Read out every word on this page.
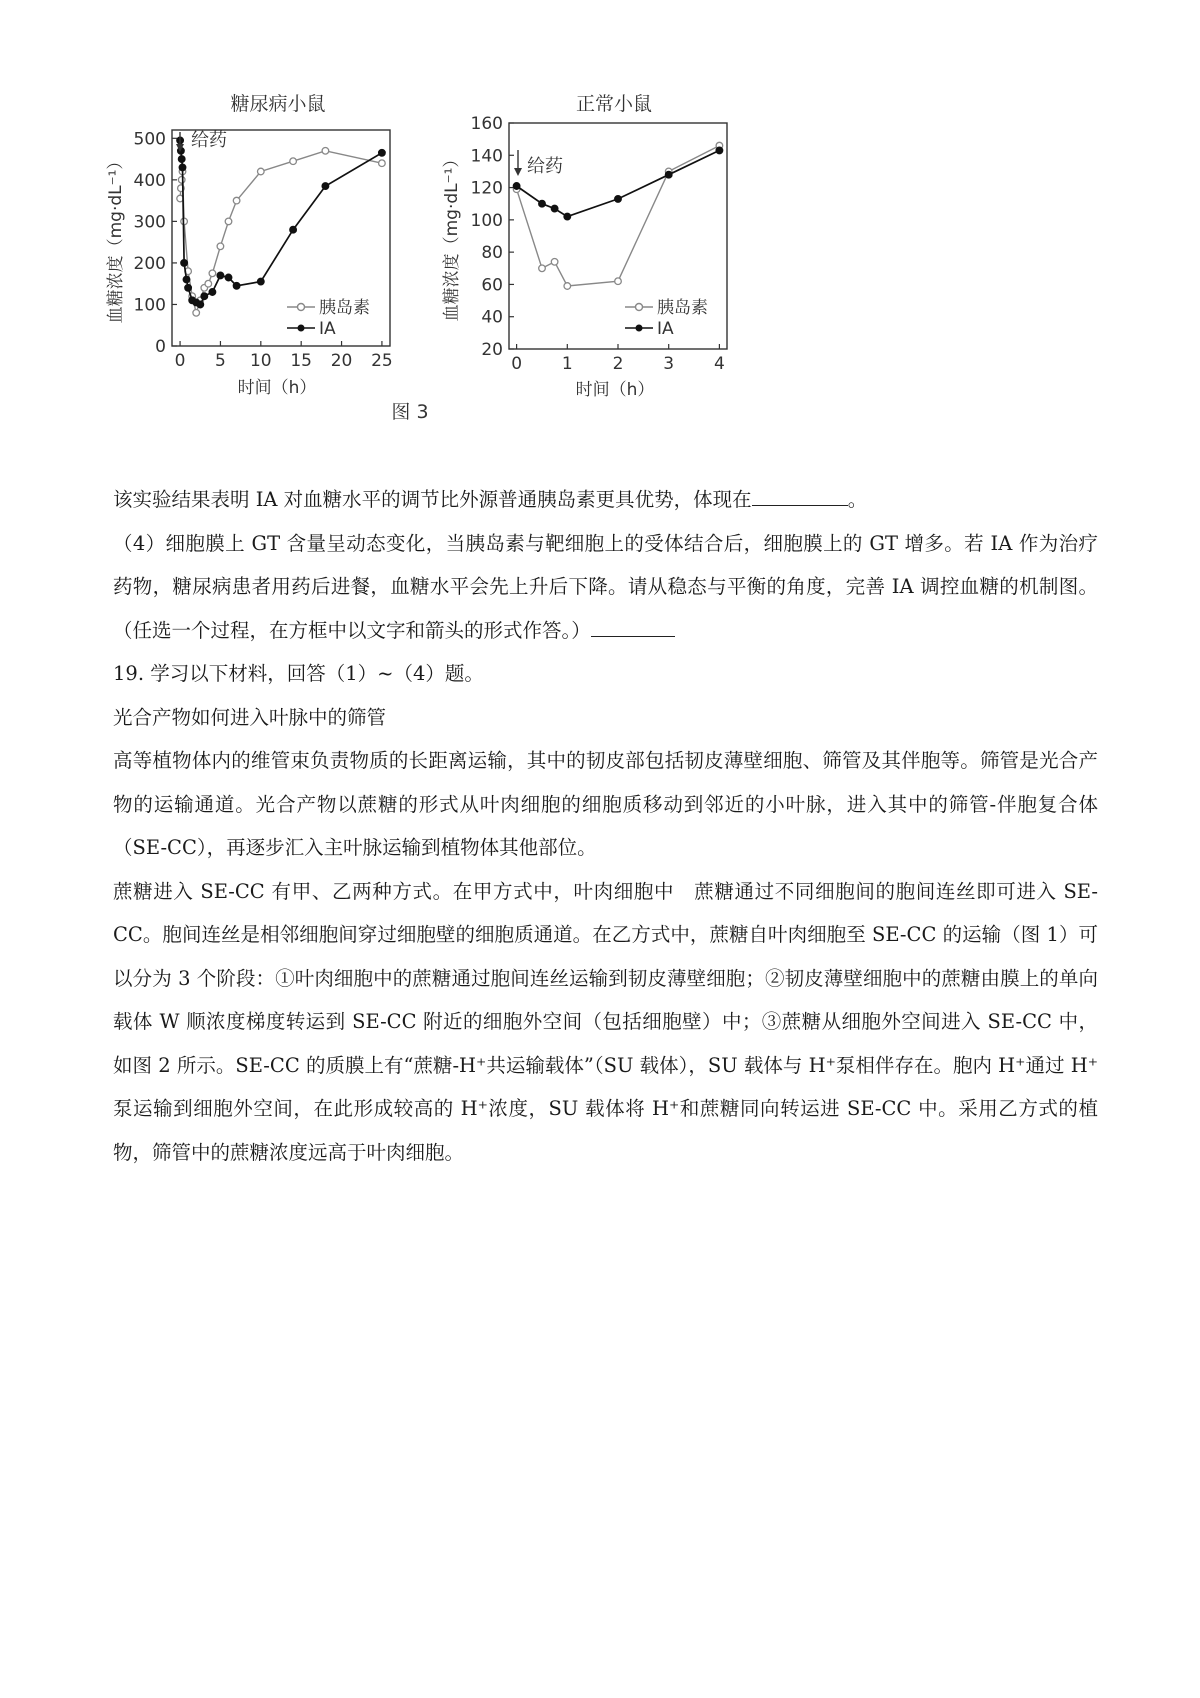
糖尿病小鼠
0 5 10 15 20 25
0
100
200
300
400
500
血糖浓度（mg·dL⁻¹）
时间（h）
给药
胰岛素
IA
正常小鼠
0 1 2 3 4
20
40
60
80
100
120
140
160
血糖浓度（mg·dL⁻¹）
时间（h）
给药
胰岛素
IA
图 3

该实验结果表明 IA 对血糖水平的调节比外源普通胰岛素更具优势，体现在	。

（4）细胞膜上 GT 含量呈动态变化，当胰岛素与靶细胞上的受体结合后，细胞膜上的 GT 增多。若 IA 作为治疗药物，糖尿病患者用药后进餐，血糖水平会先上升后下降。请从稳态与平衡的角度，完善 IA 调控血糖的机制图。（任选一个过程，在方框中以文字和箭头的形式作答。）

19. 学习以下材料，回答（1）~（4）题。

光合产物如何进入叶脉中的筛管

高等植物体内的维管束负责物质的长距离运输，其中的韧皮部包括韧皮薄壁细胞、筛管及其伴胞等。筛管是光合产物的运输通道。光合产物以蔗糖的形式从叶肉细胞的细胞质移动到邻近的小叶脉，进入其中的筛管-伴胞复合体（SE-CC），再逐步汇入主叶脉运输到植物体其他部位。

蔗糖进入 SE-CC 有甲、乙两种方式。在甲方式中，叶肉细胞中　蔗糖通过不同细胞间的胞间连丝即可进入 SE-CC。胞间连丝是相邻细胞间穿过细胞壁的细胞质通道。在乙方式中，蔗糖自叶肉细胞至 SE-CC 的运输（图 1）可以分为 3 个阶段：①叶肉细胞中的蔗糖通过胞间连丝运输到韧皮薄壁细胞；②韧皮薄壁细胞中的蔗糖由膜上的单向载体 W 顺浓度梯度转运到 SE-CC 附近的细胞外空间（包括细胞壁）中；③蔗糖从细胞外空间进入 SE-CC 中，如图 2 所示。SE-CC 的质膜上有“蔗糖-H⁺共运输载体”（SU 载体），SU 载体与 H⁺泵相伴存在。胞内 H⁺通过 H⁺泵运输到细胞外空间，在此形成较高的 H⁺浓度，SU 载体将 H⁺和蔗糖同向转运进 SE-CC 中。采用乙方式的植物，筛管中的蔗糖浓度远高于叶肉细胞。
